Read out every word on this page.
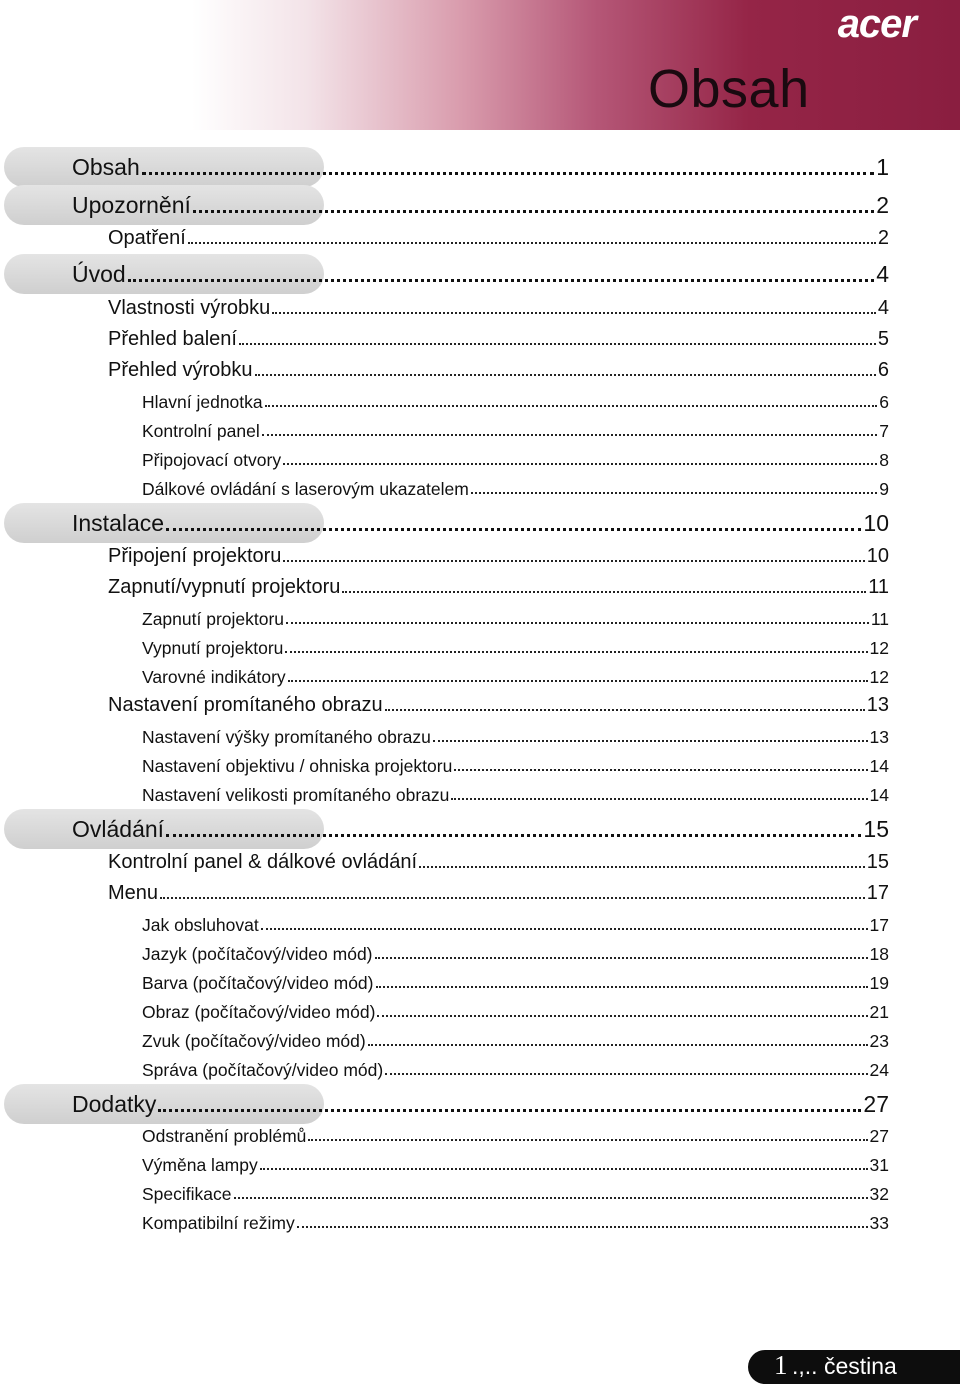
acer
Obsah
Obsah	1
Upozornění	2
Opatření	2
Úvod	4
Vlastnosti výrobku	4
Přehled balení	5
Přehled výrobku	6
Hlavní jednotka	6
Kontrolní panel	7
Připojovací otvory	8
Dálkové ovládání s laserovým ukazatelem	9
Instalace	10
Připojení projektoru	10
Zapnutí/vypnutí projektoru	11
Zapnutí projektoru	11
Vypnutí projektoru	12
Varovné indikátory	12
Nastavení promítaného obrazu	13
Nastavení výšky promítaného obrazu	13
Nastavení objektivu / ohniska projektoru	14
Nastavení velikosti promítaného obrazu	14
Ovládání	15
Kontrolní panel & dálkové ovládání	15
Menu	17
Jak obsluhovat	17
Jazyk (počítačový/video mód)	18
Barva (počítačový/video mód)	19
Obraz (počítačový/video mód)	21
Zvuk (počítačový/video mód)	23
Správa (počítačový/video mód)	24
Dodatky	27
Odstranění problémů	27
Výměna lampy	31
Specifikace	32
Kompatibilní režimy	33
1 .,.. čestina
